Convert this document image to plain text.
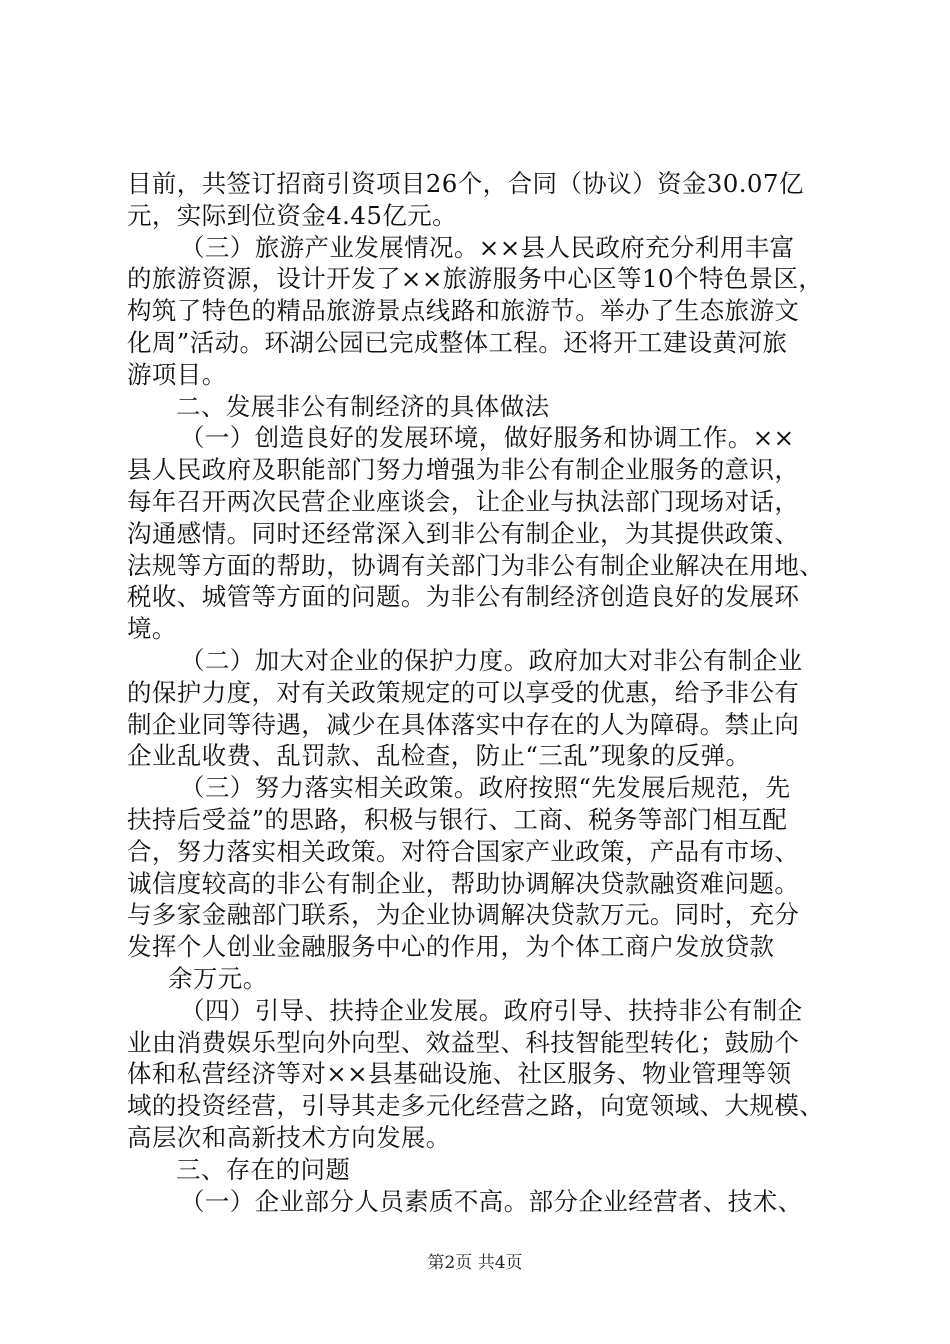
目前，共签订招商引资项目26个，合同（协议）资金30.07亿
元，实际到位资金4.45亿元。
（三）旅游产业发展情况。××县人民政府充分利用丰富
的旅游资源，设计开发了××旅游服务中心区等10个特色景区，
构筑了特色的精品旅游景点线路和旅游节。举办了生态旅游文
化周”活动。环湖公园已完成整体工程。还将开工建设黄河旅
游项目。
二、发展非公有制经济的具体做法
（一）创造良好的发展环境，做好服务和协调工作。××
县人民政府及职能部门努力增强为非公有制企业服务的意识，
每年召开两次民营企业座谈会，让企业与执法部门现场对话，
沟通感情。同时还经常深入到非公有制企业，为其提供政策、
法规等方面的帮助，协调有关部门为非公有制企业解决在用地、
税收、城管等方面的问题。为非公有制经济创造良好的发展环
境。
（二）加大对企业的保护力度。政府加大对非公有制企业
的保护力度，对有关政策规定的可以享受的优惠，给予非公有
制企业同等待遇，减少在具体落实中存在的人为障碍。禁止向
企业乱收费、乱罚款、乱检查，防止“三乱”现象的反弹。
（三）努力落实相关政策。政府按照“先发展后规范，先
扶持后受益”的思路，积极与银行、工商、税务等部门相互配
合，努力落实相关政策。对符合国家产业政策，产品有市场、
诚信度较高的非公有制企业，帮助协调解决贷款融资难问题。
与多家金融部门联系，为企业协调解决贷款万元。同时，充分
发挥个人创业金融服务中心的作用，为个体工商户发放贷款
余万元。
（四）引导、扶持企业发展。政府引导、扶持非公有制企
业由消费娱乐型向外向型、效益型、科技智能型转化；鼓励个
体和私营经济等对××县基础设施、社区服务、物业管理等领
域的投资经营，引导其走多元化经营之路，向宽领域、大规模、
高层次和高新技术方向发展。
三、存在的问题
（一）企业部分人员素质不高。部分企业经营者、技术、
第2页 共4页
